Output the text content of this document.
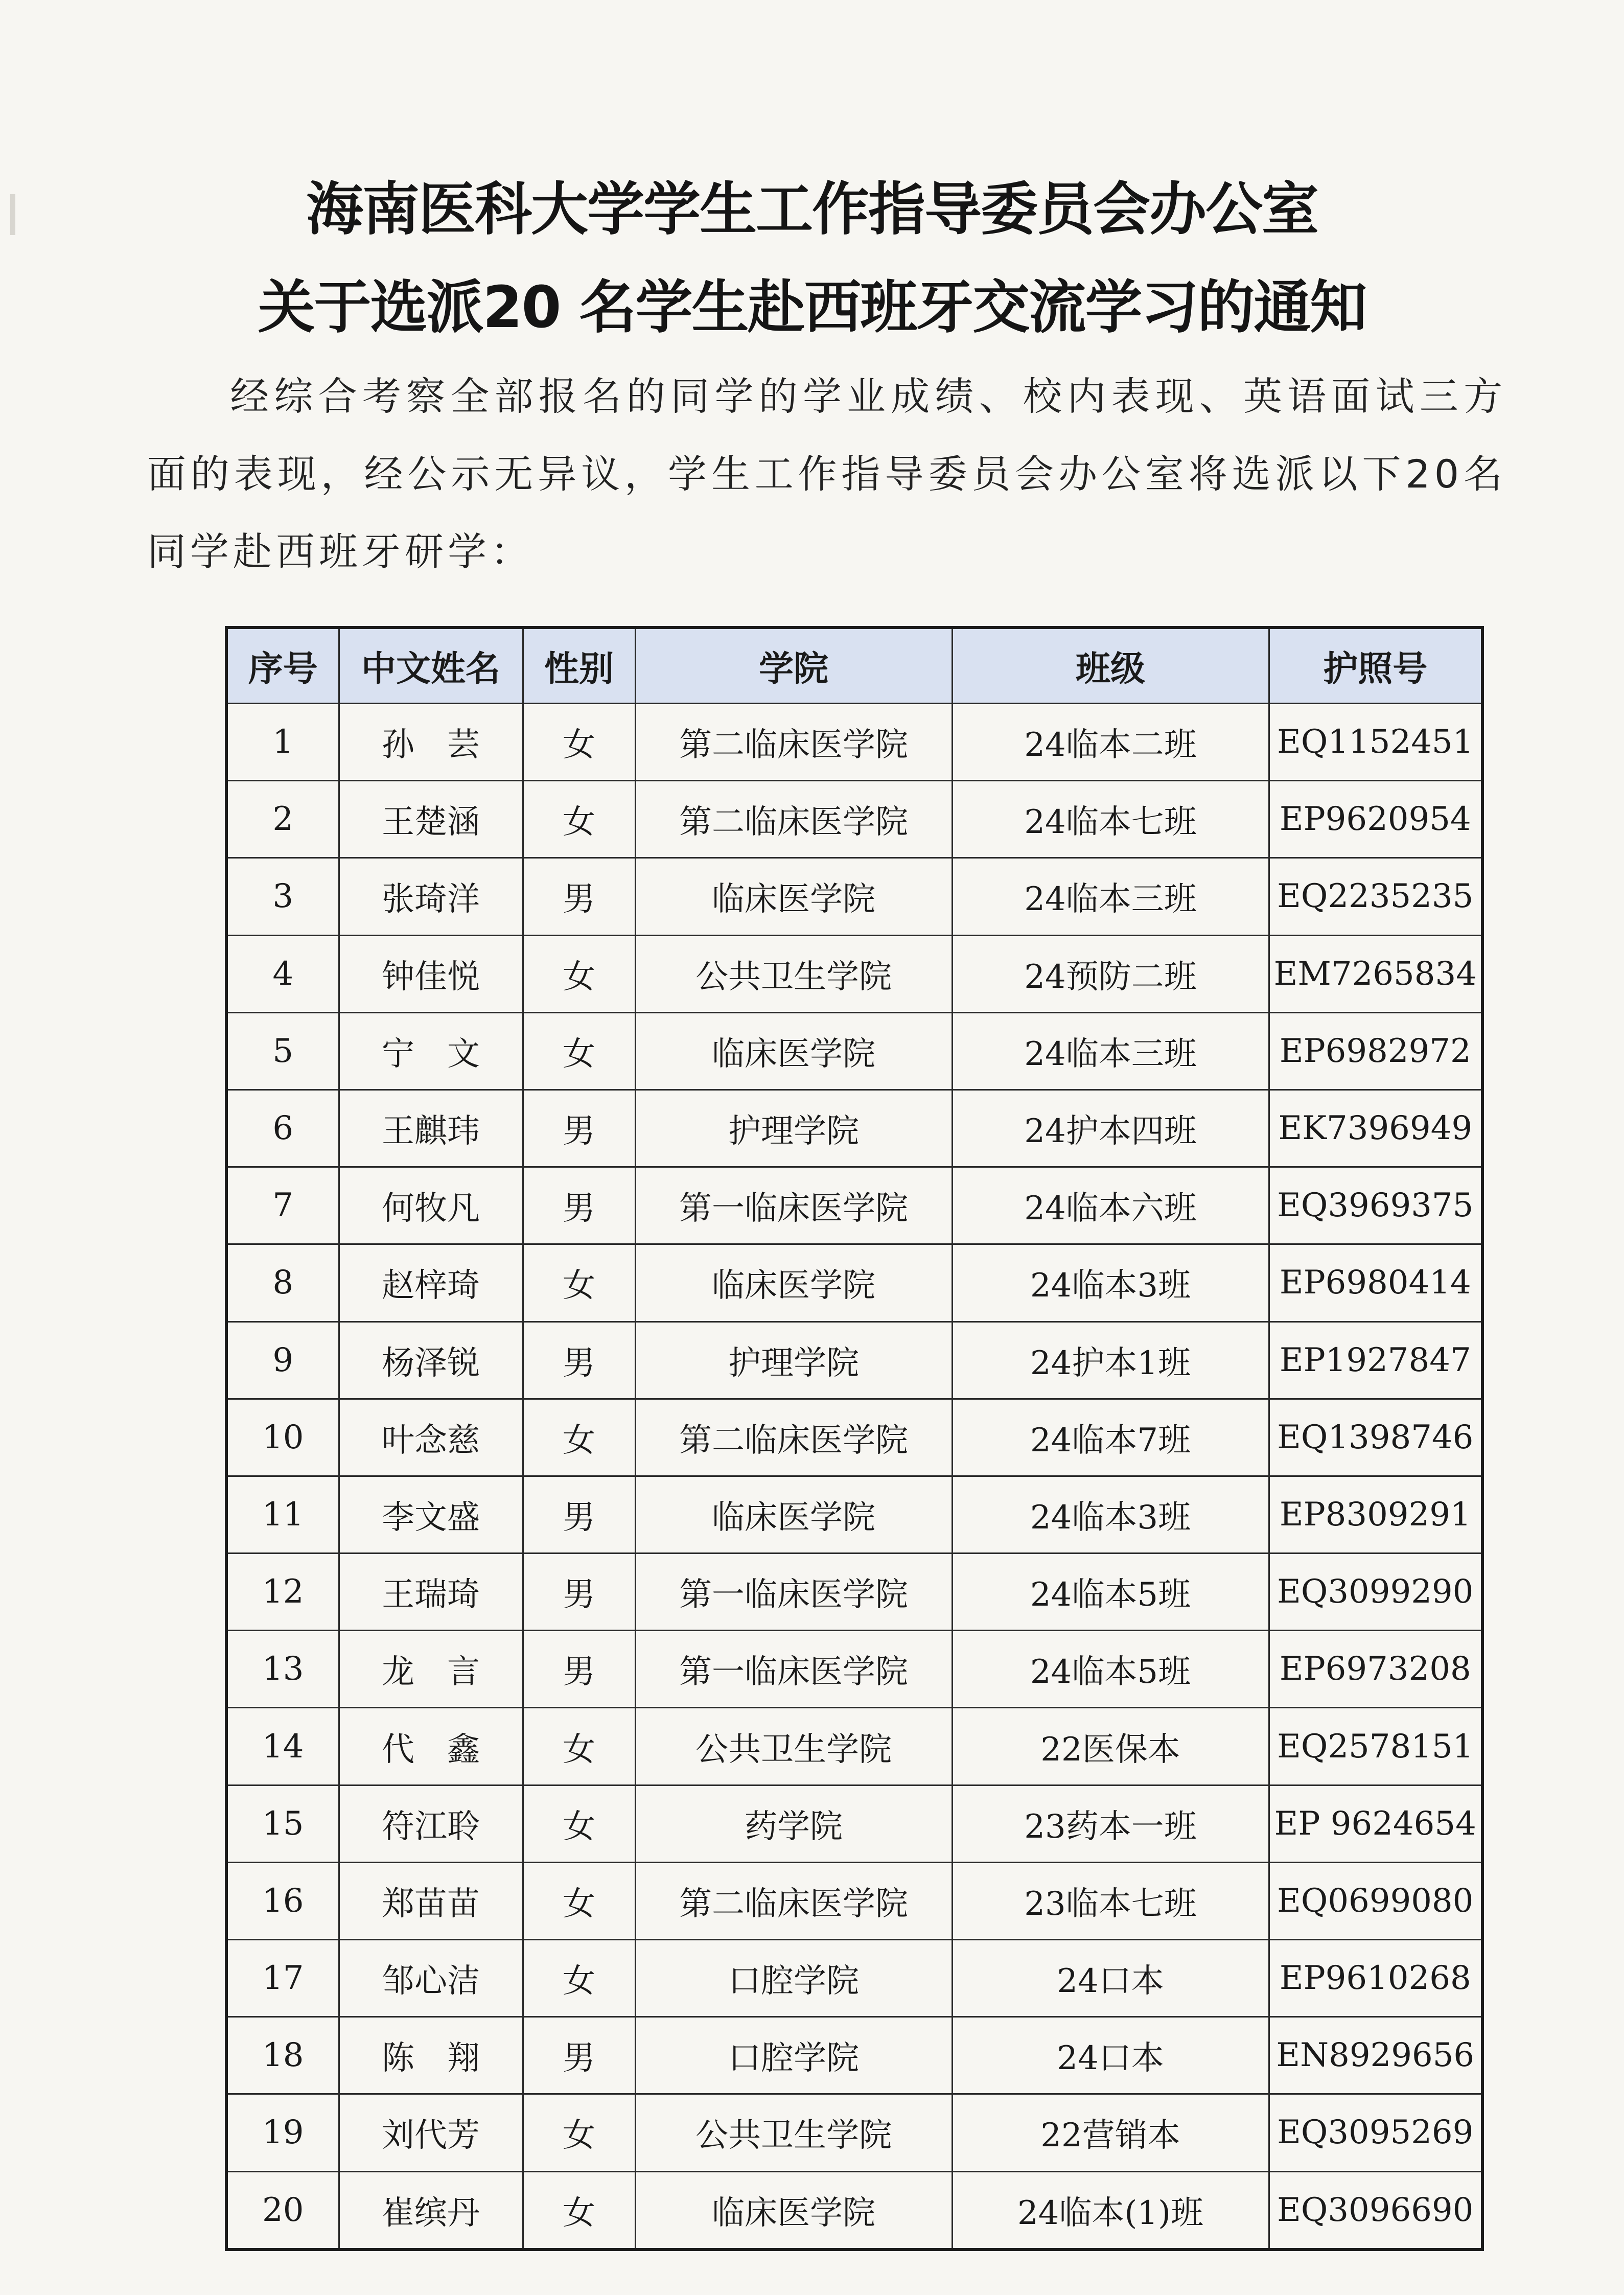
海南医科大学学生工作指导委员会办公室
关于选派20 名学生赴西班牙交流学习的通知
经综合考察全部报名的同学的学业成绩、校内表现、英语面试三方面的表现，经公示无异议，学生工作指导委员会办公室将选派以下20名同学赴西班牙研学：
序号	中文姓名	性别	学院	班级	护照号
1	孙　芸	女	第二临床医学院	24临本二班	EQ1152451
2	王楚涵	女	第二临床医学院	24临本七班	EP9620954
3	张琦洋	男	临床医学院	24临本三班	EQ2235235
4	钟佳悦	女	公共卫生学院	24预防二班	EM7265834
5	宁　文	女	临床医学院	24临本三班	EP6982972
6	王麒玮	男	护理学院	24护本四班	EK7396949
7	何牧凡	男	第一临床医学院	24临本六班	EQ3969375
8	赵梓琦	女	临床医学院	24临本3班	EP6980414
9	杨泽锐	男	护理学院	24护本1班	EP1927847
10	叶念慈	女	第二临床医学院	24临本7班	EQ1398746
11	李文盛	男	临床医学院	24临本3班	EP8309291
12	王瑞琦	男	第一临床医学院	24临本5班	EQ3099290
13	龙　言	男	第一临床医学院	24临本5班	EP6973208
14	代　鑫	女	公共卫生学院	22医保本	EQ2578151
15	符江聆	女	药学院	23药本一班	EP 9624654
16	郑苗苗	女	第二临床医学院	23临本七班	EQ0699080
17	邹心洁	女	口腔学院	24口本	EP9610268
18	陈　翔	男	口腔学院	24口本	EN8929656
19	刘代芳	女	公共卫生学院	22营销本	EQ3095269
20	崔缤丹	女	临床医学院	24临本(1)班	EQ3096690
